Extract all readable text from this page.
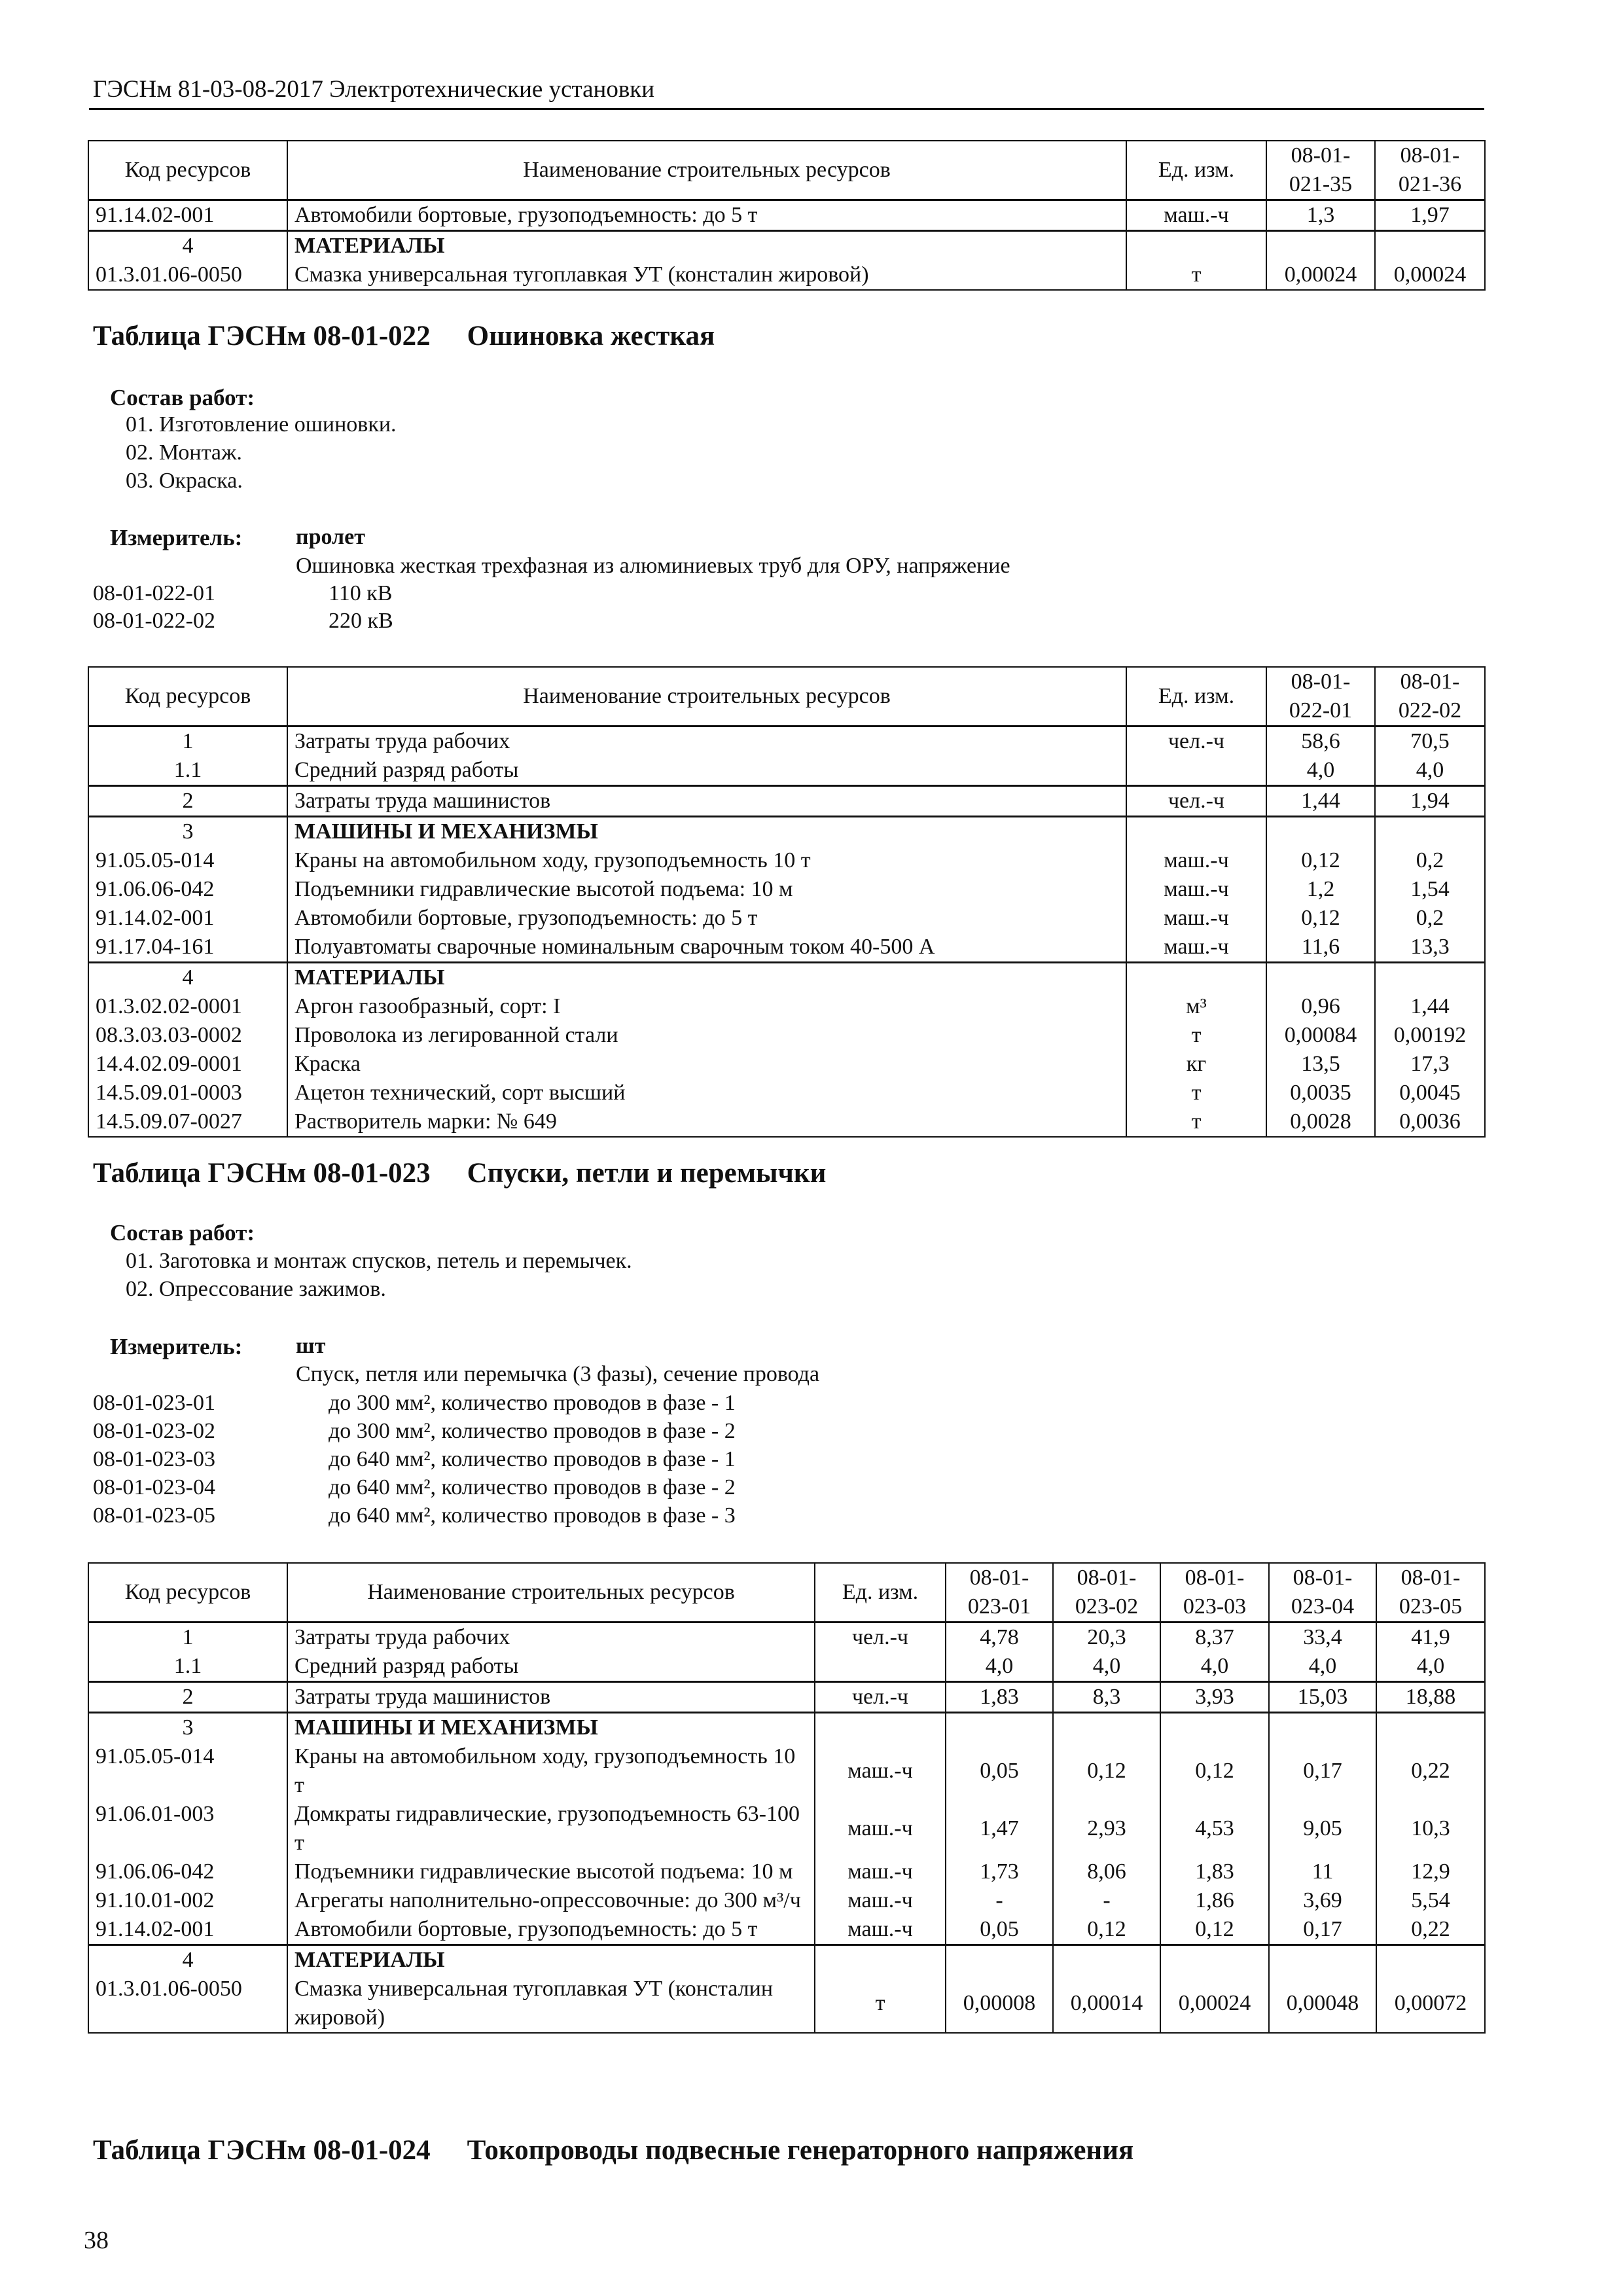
ГЭСНм 81-03-08-2017 Электротехнические установки
Код ресурсов	Наименование строительных ресурсов	Ед. изм.	08-01-021-35	08-01-021-36
91.14.02-001	Автомобили бортовые, грузоподъемность: до 5 т	маш.-ч	1,3	1,97
4	МАТЕРИАЛЫ			
01.3.01.06-0050	Смазка универсальная тугоплавкая УТ (консталин жировой)	т	0,00024	0,00024
Таблица ГЭСНм 08-01-022 Ошиновка жесткая
Состав работ:
01. Изготовление ошиновки.
02. Монтаж.
03. Окраска.
Измеритель: пролет
Ошиновка жесткая трехфазная из алюминиевых труб для ОРУ, напряжение
08-01-022-01	110 кВ
08-01-022-02	220 кВ
Код ресурсов	Наименование строительных ресурсов	Ед. изм.	08-01-022-01	08-01-022-02
1	Затраты труда рабочих	чел.-ч	58,6	70,5
1.1	Средний разряд работы		4,0	4,0
2	Затраты труда машинистов	чел.-ч	1,44	1,94
3	МАШИНЫ И МЕХАНИЗМЫ			
91.05.05-014	Краны на автомобильном ходу, грузоподъемность 10 т	маш.-ч	0,12	0,2
91.06.06-042	Подъемники гидравлические высотой подъема: 10 м	маш.-ч	1,2	1,54
91.14.02-001	Автомобили бортовые, грузоподъемность: до 5 т	маш.-ч	0,12	0,2
91.17.04-161	Полуавтоматы сварочные номинальным сварочным током 40-500 А	маш.-ч	11,6	13,3
4	МАТЕРИАЛЫ			
01.3.02.02-0001	Аргон газообразный, сорт: I	м³	0,96	1,44
08.3.03.03-0002	Проволока из легированной стали	т	0,00084	0,00192
14.4.02.09-0001	Краска	кг	13,5	17,3
14.5.09.01-0003	Ацетон технический, сорт высший	т	0,0035	0,0045
14.5.09.07-0027	Растворитель марки: № 649	т	0,0028	0,0036
Таблица ГЭСНм 08-01-023 Спуски, петли и перемычки
Состав работ:
01. Заготовка и монтаж спусков, петель и перемычек.
02. Опрессование зажимов.
Измеритель: шт
Спуск, петля или перемычка (3 фазы), сечение провода
08-01-023-01	до 300 мм², количество проводов в фазе - 1
08-01-023-02	до 300 мм², количество проводов в фазе - 2
08-01-023-03	до 640 мм², количество проводов в фазе - 1
08-01-023-04	до 640 мм², количество проводов в фазе - 2
08-01-023-05	до 640 мм², количество проводов в фазе - 3
Код ресурсов	Наименование строительных ресурсов	Ед. изм.	08-01-023-01	08-01-023-02	08-01-023-03	08-01-023-04	08-01-023-05
1	Затраты труда рабочих	чел.-ч	4,78	20,3	8,37	33,4	41,9
1.1	Средний разряд работы		4,0	4,0	4,0	4,0	4,0
2	Затраты труда машинистов	чел.-ч	1,83	8,3	3,93	15,03	18,88
3	МАШИНЫ И МЕХАНИЗМЫ						
91.05.05-014	Краны на автомобильном ходу, грузоподъемность 10 т	маш.-ч	0,05	0,12	0,12	0,17	0,22
91.06.01-003	Домкраты гидравлические, грузоподъемность 63-100 т	маш.-ч	1,47	2,93	4,53	9,05	10,3
91.06.06-042	Подъемники гидравлические высотой подъема: 10 м	маш.-ч	1,73	8,06	1,83	11	12,9
91.10.01-002	Агрегаты наполнительно-опрессовочные: до 300 м³/ч	маш.-ч	-	-	1,86	3,69	5,54
91.14.02-001	Автомобили бортовые, грузоподъемность: до 5 т	маш.-ч	0,05	0,12	0,12	0,17	0,22
4	МАТЕРИАЛЫ						
01.3.01.06-0050	Смазка универсальная тугоплавкая УТ (консталин жировой)	т	0,00008	0,00014	0,00024	0,00048	0,00072
Таблица ГЭСНм 08-01-024 Токопроводы подвесные генераторного напряжения
38
